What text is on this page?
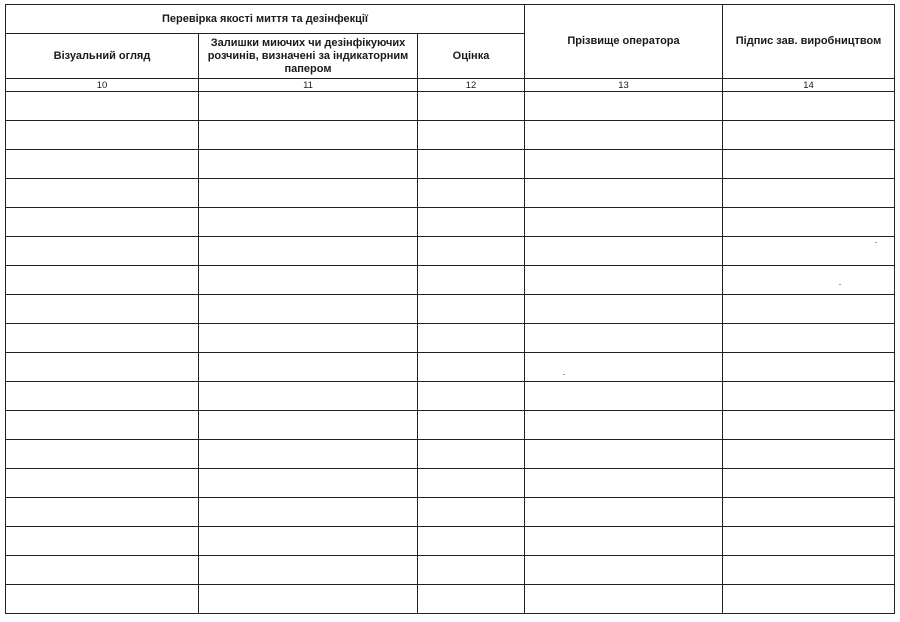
Перевірка якості миття та дезінфекції			Прізвище оператора	Підпис зав. виробництвом
Візуальний огляд	Залишки миючих чи дезінфікуючих розчинів, визначені за індикаторним папером	Оцінка		
10	11	12	13	14
